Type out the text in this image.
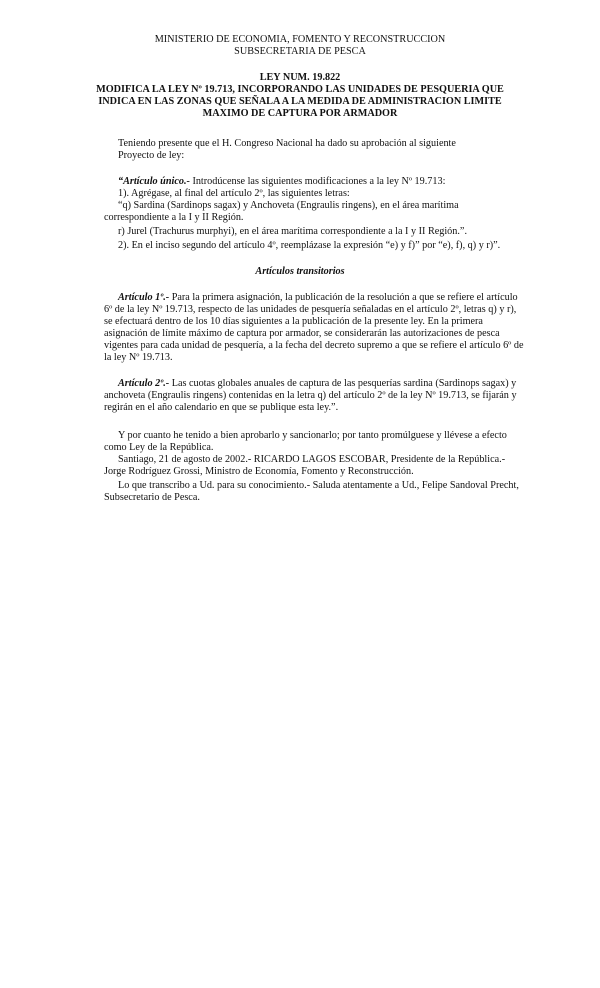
MINISTERIO DE ECONOMIA, FOMENTO Y RECONSTRUCCION
SUBSECRETARIA DE PESCA
LEY NUM. 19.822
MODIFICA LA LEY Nº 19.713, INCORPORANDO LAS UNIDADES DE PESQUERIA QUE
INDICA EN LAS ZONAS QUE SEÑALA A LA MEDIDA DE ADMINISTRACION LIMITE
MAXIMO DE CAPTURA POR ARMADOR
Teniendo presente que el H. Congreso Nacional ha dado su aprobación al siguiente
Proyecto de ley:
“Artículo único.- Introdúcense las siguientes modificaciones a la ley Nº 19.713:
1). Agrégase, al final del artículo 2º, las siguientes letras:
“q) Sardina (Sardinops sagax) y Anchoveta (Engraulis ringens), en el área marítima
correspondiente a la I y II Región.
r) Jurel (Trachurus murphyi), en el área marítima correspondiente a la I y II Región.”.
2). En el inciso segundo del artículo 4º, reemplázase la expresión “e) y f)” por “e), f), q) y r)”.
Artículos transitorios
Artículo 1º.- Para la primera asignación, la publicación de la resolución a que se refiere el artículo
6º de la ley Nº 19.713, respecto de las unidades de pesquería señaladas en el artículo 2º, letras q) y r),
se efectuará dentro de los 10 días siguientes a la publicación de la presente ley. En la primera
asignación de límite máximo de captura por armador, se considerarán las autorizaciones de pesca
vigentes para cada unidad de pesquería, a la fecha del decreto supremo a que se refiere el artículo 6º de
la ley Nº 19.713.
Artículo 2º.- Las cuotas globales anuales de captura de las pesquerías sardina (Sardinops sagax) y
anchoveta (Engraulis ringens) contenidas en la letra q) del artículo 2º de la ley Nº 19.713, se fijarán y
regirán en el año calendario en que se publique esta ley.”.
Y por cuanto he tenido a bien aprobarlo y sancionarlo; por tanto promúlguese y llévese a efecto
como Ley de la República.
Santiago, 21 de agosto de 2002.- RICARDO LAGOS ESCOBAR, Presidente de la República.-
Jorge Rodríguez Grossi, Ministro de Economía, Fomento y Reconstrucción.
Lo que transcribo a Ud. para su conocimiento.- Saluda atentamente a Ud., Felipe Sandoval Precht,
Subsecretario de Pesca.
